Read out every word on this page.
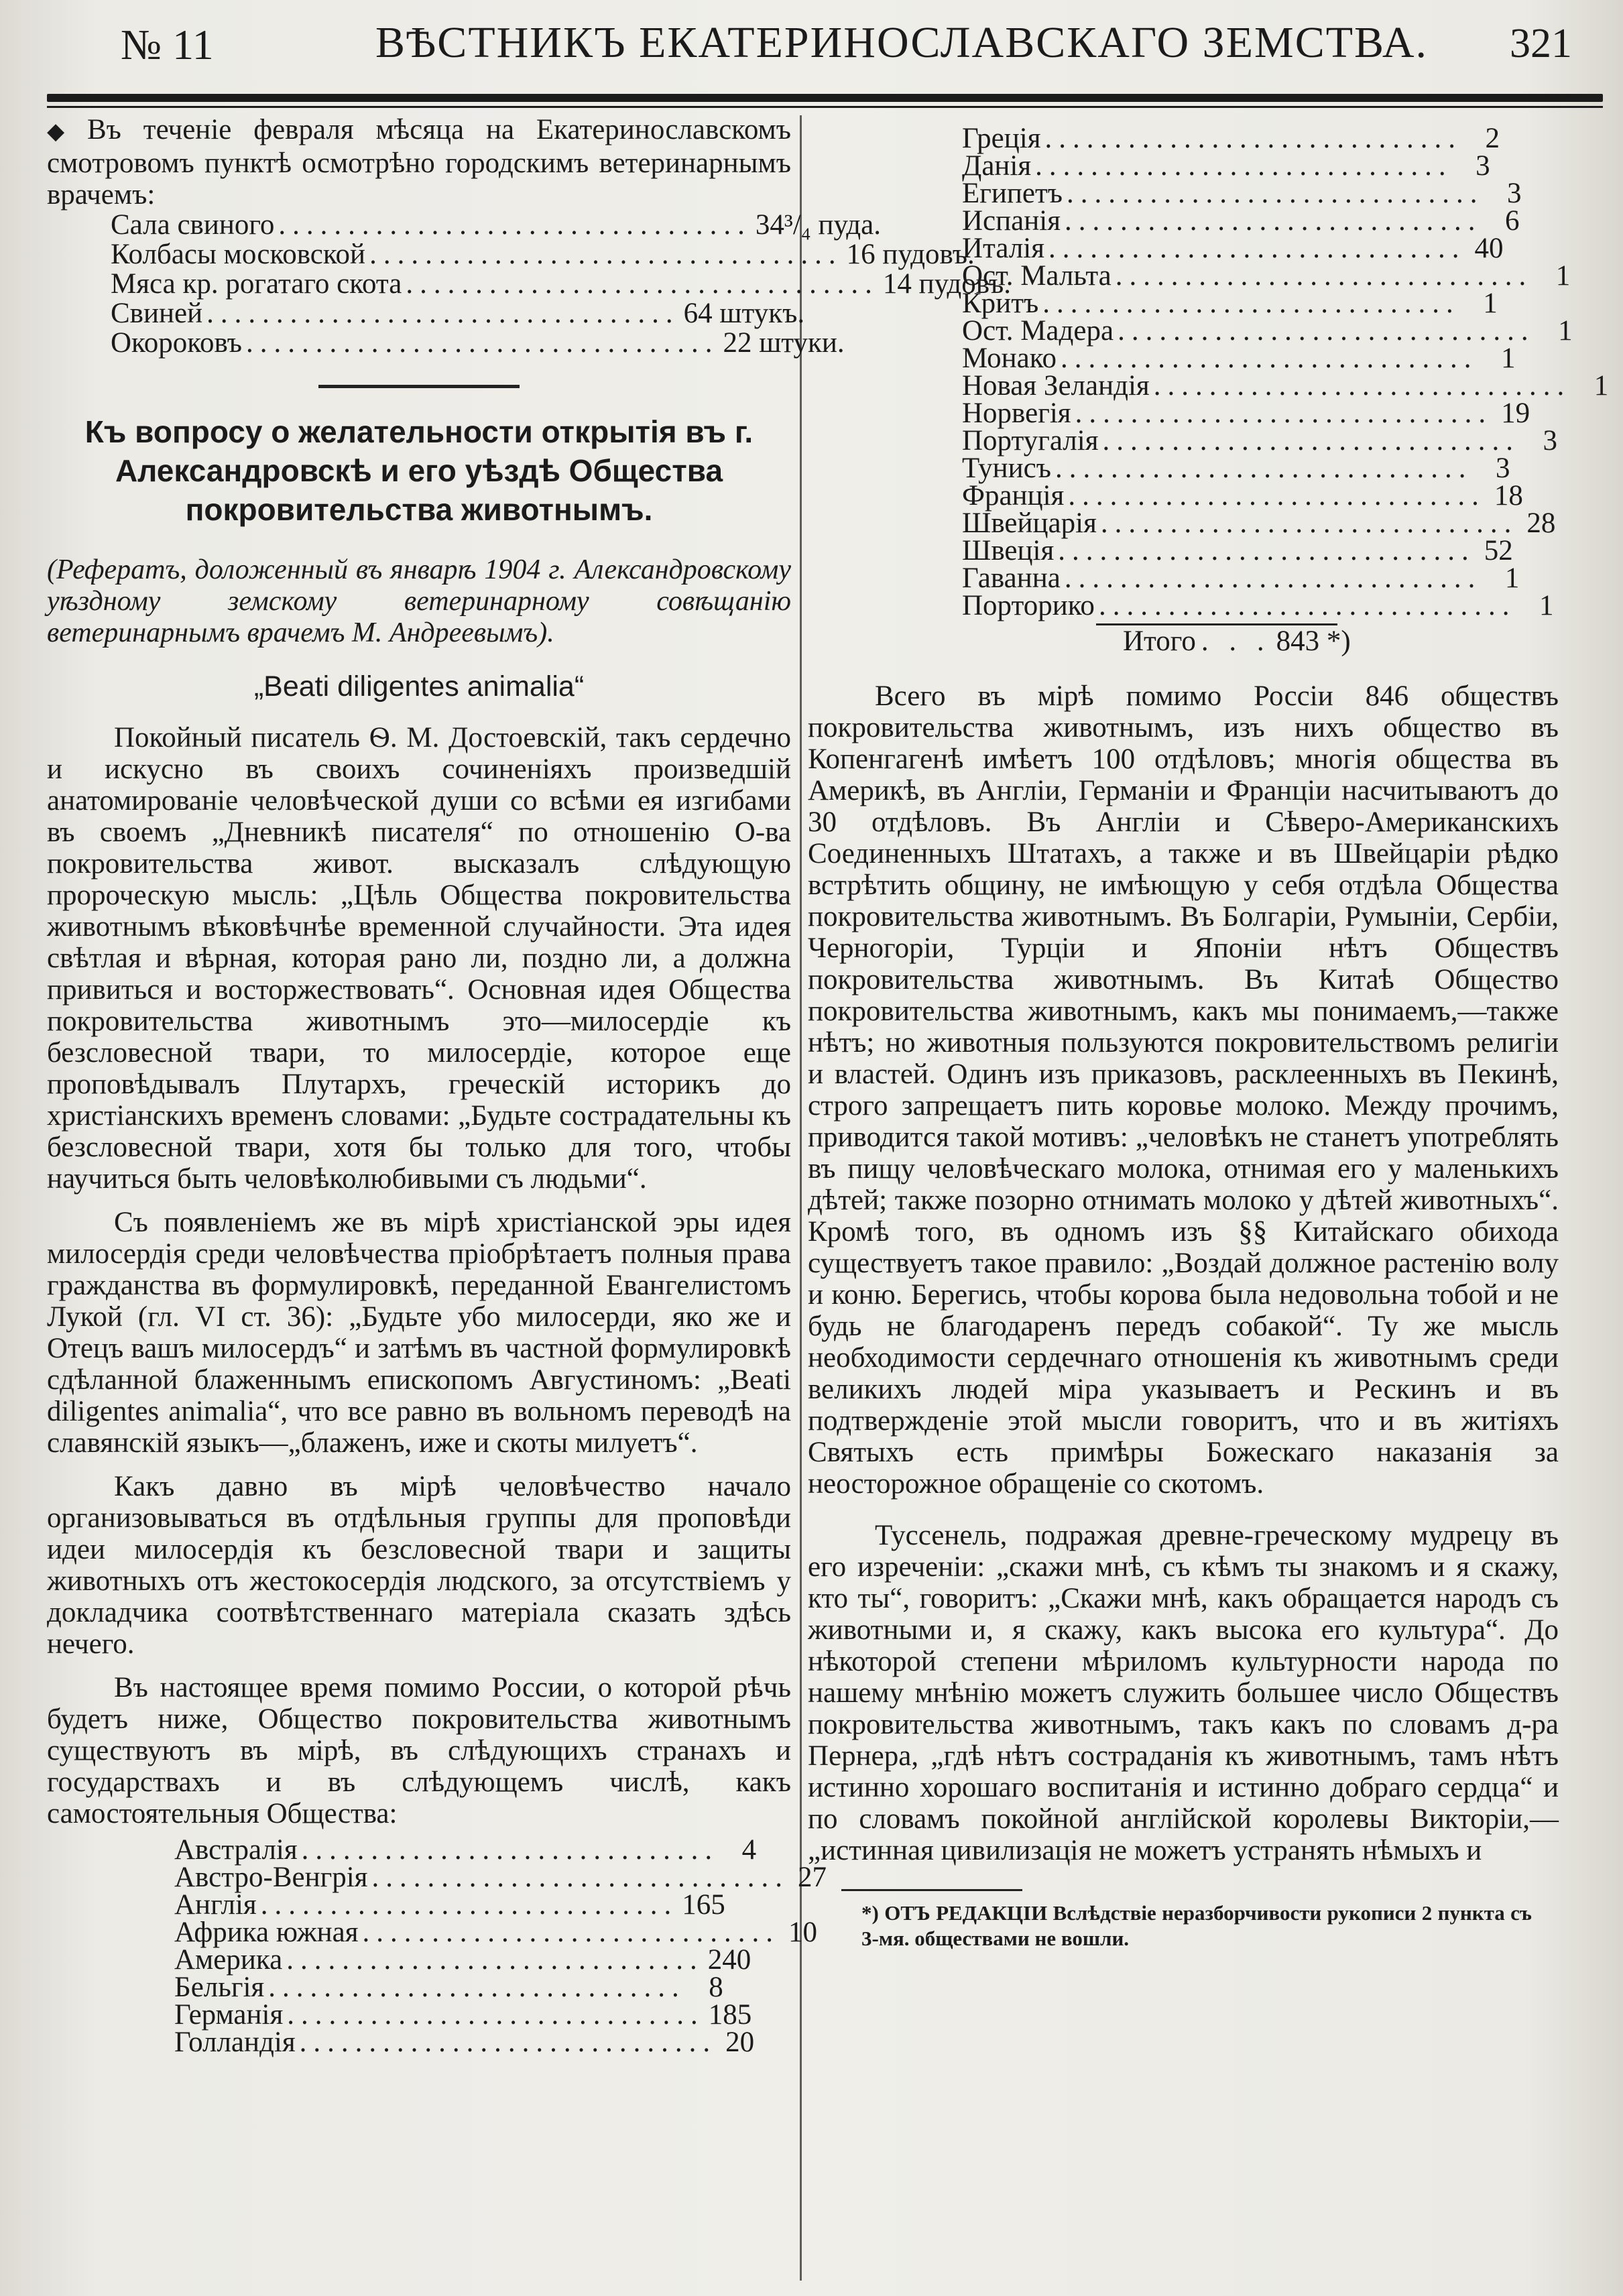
№ 11	ВѢСТНИКЪ ЕКАТЕРИНОСЛАВСКАГО ЗЕМСТВА. 321

◆ Въ теченіе февраля мѣсяца на Екатеринославскомъ смотровомъ пунктѣ осмотрѣно городскимъ ветеринарнымъ врачемъ:

Сала свиного .................................. 34³/₄ пуда.
Колбасы московской .................................. 16 пудовъ.
Мяса кр. рогатаго скота .................................. 14 пудовъ.
Свиней .................................. 64 штукъ.
Окороковъ .................................. 22 штуки.
Къ вопросу о желательности открытія въ г. Александровскѣ и его уѣздѣ Общества покровительства животнымъ.

(Рефератъ, доложенный въ январѣ 1904 г. Александровскому уѣздному земскому ветеринарному совѣщанію ветеринарнымъ врачемъ М. Андреевымъ).

„Beati diligentes animalia“

Покойный писатель Ѳ. М. Достоевскій, такъ сердечно и искусно въ своихъ сочиненіяхъ произведшій анатомированіе человѣческой души со всѣми ея изгибами въ своемъ „Дневникѣ писателя“ по отношенію О-ва покровительства живот. высказалъ слѣдующую пророческую мысль: „Цѣль Общества покровительства животнымъ вѣковѣчнѣе временной случайности. Эта идея свѣтлая и вѣрная, которая рано ли, поздно ли, а должна привиться и восторжествовать“. Основная идея Общества покровительства животнымъ это—милосердіе къ безсловесной твари, то милосердіе, которое еще проповѣдывалъ Плутархъ, греческій историкъ до христіанскихъ временъ словами: „Будьте сострадательны къ безсловесной твари, хотя бы только для того, чтобы научиться быть человѣколюбивыми съ людьми“.

Съ появленіемъ же въ мірѣ христіанской эры идея милосердія среди человѣчества пріобрѣтаетъ полныя права гражданства въ формулировкѣ, переданной Евангелистомъ Лукой (гл. VI ст. 36): „Будьте убо милосерди, яко же и Отецъ вашъ милосердъ“ и затѣмъ въ частной формулировкѣ сдѣланной блаженнымъ епископомъ Августиномъ: „Beati diligentes animalia“, что все равно въ вольномъ переводѣ на славянскій языкъ—„блаженъ, иже и скоты милуетъ“.

Какъ давно въ мірѣ человѣчество начало организовываться въ отдѣльныя группы для проповѣди идеи милосердія къ безсловесной твари и защиты животныхъ отъ жестокосердія людского, за отсутствіемъ у докладчика соотвѣтственнаго матеріала сказать здѣсь нечего.

Въ настоящее время помимо России, о которой рѣчь будетъ ниже, Общество покровительства животнымъ существуютъ въ мірѣ, въ слѣдующихъ странахъ и государствахъ и въ слѣдующемъ числѣ, какъ самостоятельныя Общества:

Австралія .............................. 4
Австро-Венгрія .............................. 27
Англія .............................. 165
Африка южная .............................. 10
Америка .............................. 240
Бельгія .............................. 8
Германія .............................. 185
Голландія .............................. 20
Греція .............................. 2
Данія .............................. 3
Египетъ .............................. 3
Испанія .............................. 6
Италія .............................. 40
Ост. Мальта .............................. 1
Критъ .............................. 1
Ост. Мадера .............................. 1
Монако .............................. 1
Новая Зеландія .............................. 1
Норвегія .............................. 19
Португалія .............................. 3
Тунисъ .............................. 3
Франція .............................. 18
Швейцарія .............................. 28
Швеція .............................. 52
Гаванна .............................. 1
Порторико .............................. 1
Итого . . . 843 *)

Всего въ мірѣ помимо Россіи 846 обществъ покровительства животнымъ, изъ нихъ общество въ Копенгагенѣ имѣетъ 100 отдѣловъ; многія общества въ Америкѣ, въ Англіи, Германіи и Франціи насчитываютъ до 30 отдѣловъ. Въ Англіи и Сѣверо-Американскихъ Соединенныхъ Штатахъ, а также и въ Швейцаріи рѣдко встрѣтить общину, не имѣющую у себя отдѣла Общества покровительства животнымъ. Въ Болгаріи, Румыніи, Сербіи, Черногоріи, Турціи и Японіи нѣтъ Обществъ покровительства животнымъ. Въ Китаѣ Общество покровительства животнымъ, какъ мы понимаемъ,—также нѣтъ; но животныя пользуются покровительствомъ религіи и властей. Одинъ изъ приказовъ, расклеенныхъ въ Пекинѣ, строго запрещаетъ пить коровье молоко. Между прочимъ, приводится такой мотивъ: „человѣкъ не станетъ употреблять въ пищу человѣческаго молока, отнимая его у маленькихъ дѣтей; также позорно отнимать молоко у дѣтей животныхъ“. Кромѣ того, въ одномъ изъ §§ Китайскаго обихода существуетъ такое правило: „Воздай должное растенію волу и коню. Берегись, чтобы корова была недовольна тобой и не будь не благодаренъ передъ собакой“. Ту же мысль необходимости сердечнаго отношенія къ животнымъ среди великихъ людей міра указываетъ и Рескинъ и въ подтвержденіе этой мысли говоритъ, что и въ житіяхъ Святыхъ есть примѣры Божескаго наказанія за неосторожное обращеніе со скотомъ.

Туссенель, подражая древне-греческому мудрецу въ его изреченіи: „скажи мнѣ, съ кѣмъ ты знакомъ и я скажу, кто ты“, говоритъ: „Скажи мнѣ, какъ обращается народъ съ животными и, я скажу, какъ высока его культура“. До нѣкоторой степени мѣриломъ культурности народа по нашему мнѣнію можетъ служить большее число Обществъ покровительства животнымъ, такъ какъ по словамъ д-ра Пернера, „гдѣ нѣтъ состраданія къ животнымъ, тамъ нѣтъ истинно хорошаго воспитанія и истинно добраго сердца“ и по словамъ покойной англійской королевы Викторіи,—„истинная цивилизація не можетъ устранять нѣмыхъ и

*) ОТЪ РЕДАКЦІИ Вслѣдствіе неразборчивости рукописи 2 пункта съ 3-мя. обществами не вошли.
